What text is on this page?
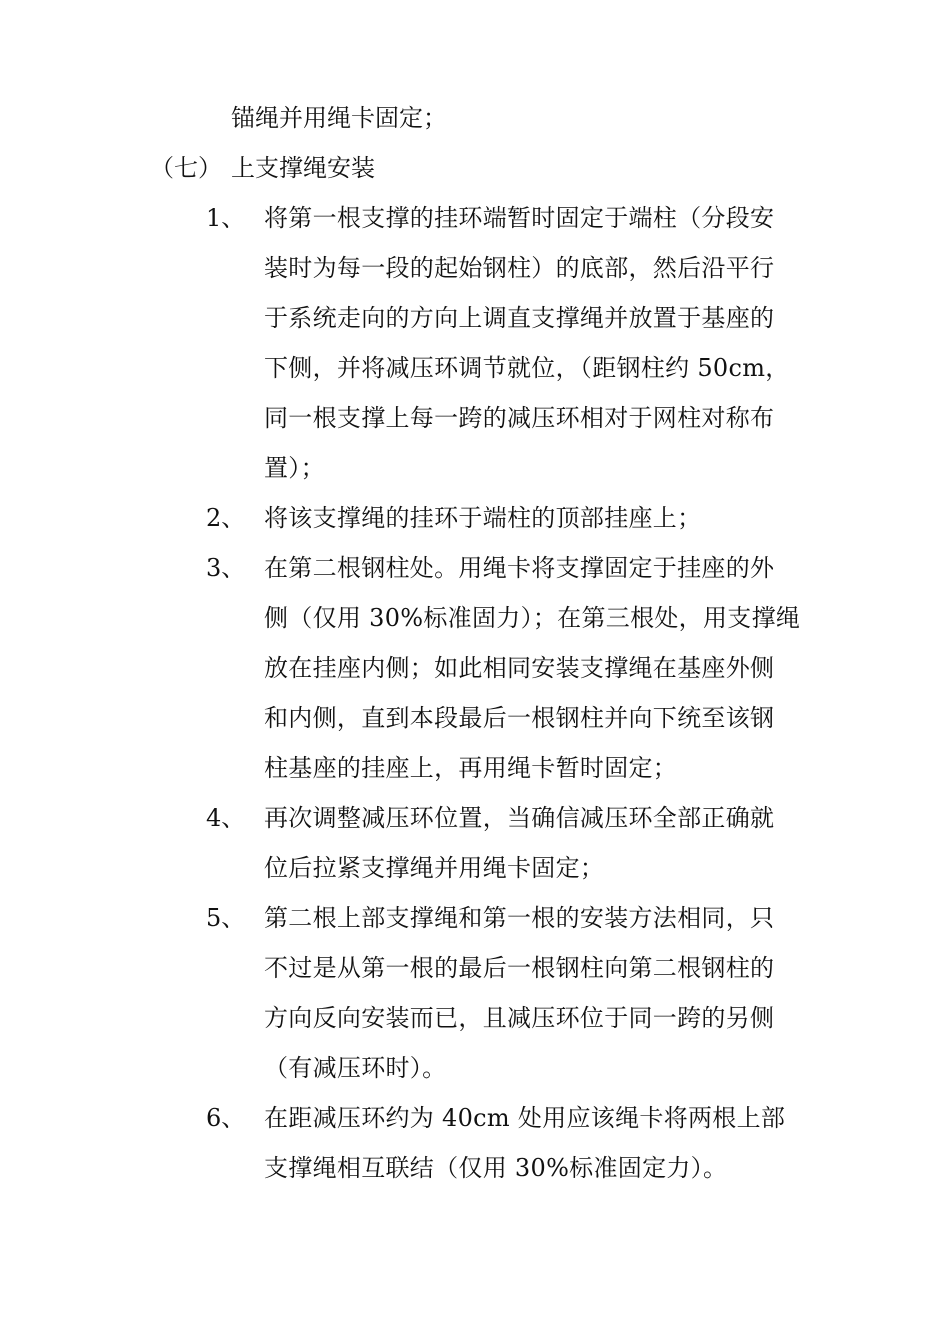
锚绳并用绳卡固定；
（七） 上支撑绳安装
1、 将第一根支撑的挂环端暂时固定于端柱（分段安
装时为每一段的起始钢柱）的底部，然后沿平行
于系统走向的方向上调直支撑绳并放置于基座的
下侧，并将减压环调节就位，（距钢柱约 50cm，
同一根支撑上每一跨的减压环相对于网柱对称布
置）；
2、 将该支撑绳的挂环于端柱的顶部挂座上；
3、 在第二根钢柱处。用绳卡将支撑固定于挂座的外
侧（仅用 30%标准固力）；在第三根处，用支撑绳
放在挂座内侧；如此相同安装支撑绳在基座外侧
和内侧，直到本段最后一根钢柱并向下统至该钢
柱基座的挂座上，再用绳卡暂时固定；
4、 再次调整减压环位置，当确信减压环全部正确就
位后拉紧支撑绳并用绳卡固定；
5、 第二根上部支撑绳和第一根的安装方法相同，只
不过是从第一根的最后一根钢柱向第二根钢柱的
方向反向安装而已，且减压环位于同一跨的另侧
（有减压环时）。
6、 在距减压环约为 40cm 处用应该绳卡将两根上部
支撑绳相互联结（仅用 30%标准固定力）。
